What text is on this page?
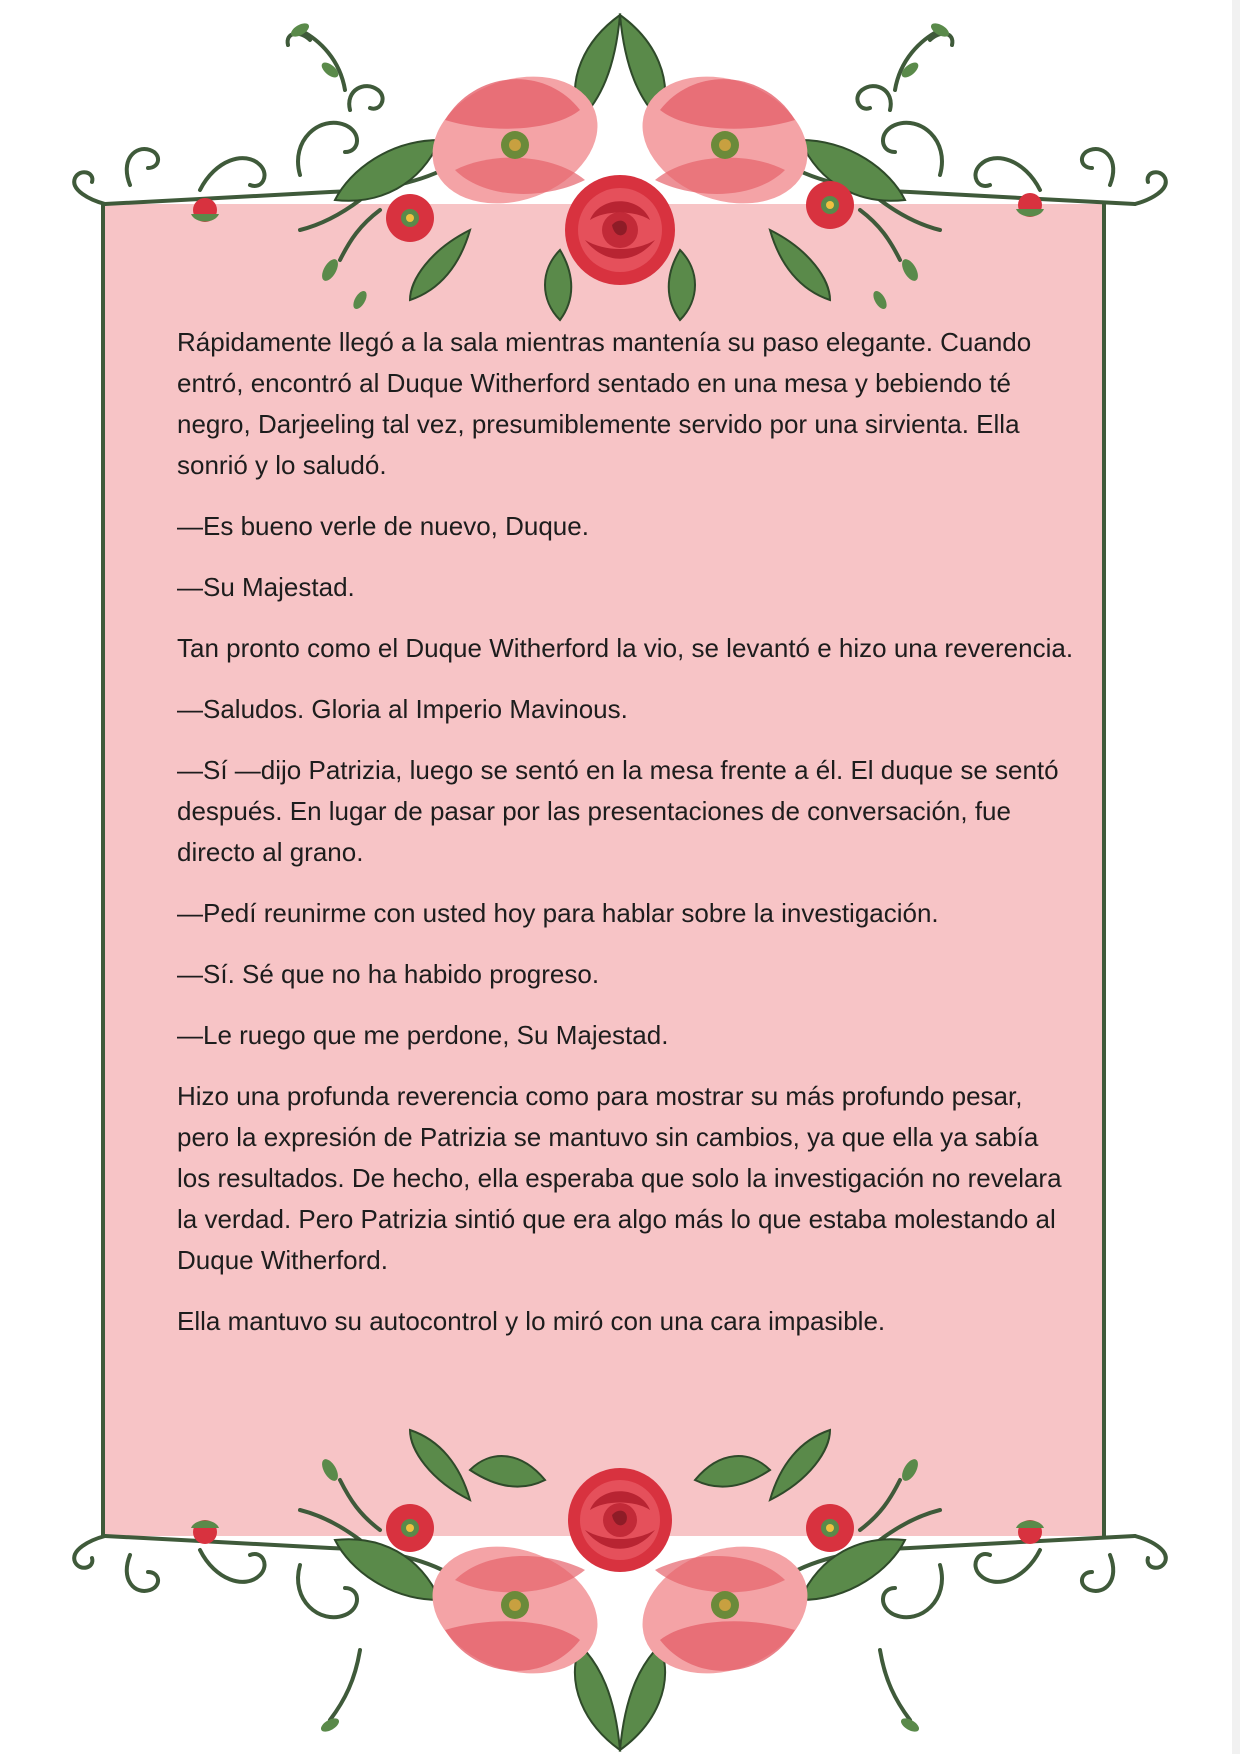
Rápidamente llegó a la sala mientras mantenía su paso elegante. Cuando entró, encontró al Duque Witherford sentado en una mesa y bebiendo té negro, Darjeeling tal vez, presumiblemente servido por una sirvienta. Ella sonrió y lo saludó.

—Es bueno verle de nuevo, Duque.

—Su Majestad.

Tan pronto como el Duque Witherford la vio, se levantó e hizo una reverencia.

—Saludos. Gloria al Imperio Mavinous.

—Sí —dijo Patrizia, luego se sentó en la mesa frente a él. El duque se sentó después. En lugar de pasar por las presentaciones de conversación, fue directo al grano.

—Pedí reunirme con usted hoy para hablar sobre la investigación.

—Sí. Sé que no ha habido progreso.

—Le ruego que me perdone, Su Majestad.

Hizo una profunda reverencia como para mostrar su más profundo pesar, pero la expresión de Patrizia se mantuvo sin cambios, ya que ella ya sabía los resultados. De hecho, ella esperaba que solo la investigación no revelara la verdad. Pero Patrizia sintió que era algo más lo que estaba molestando al Duque Witherford.

Ella mantuvo su autocontrol y lo miró con una cara impasible.
